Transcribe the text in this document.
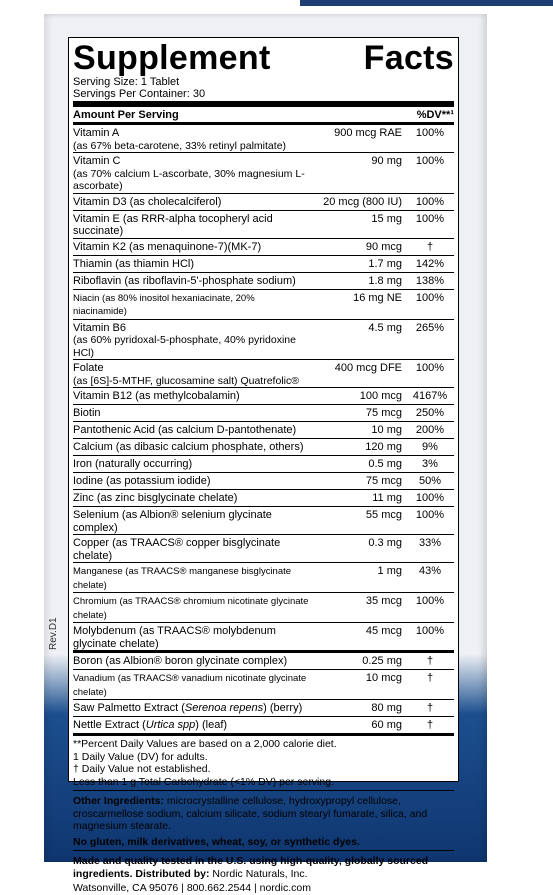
Rev.D1
Supplement	Facts
Serving Size: 1 Tablet
Servings Per Container: 30
Amount Per Serving	%DV**¹
Vitamin A
(as 67% beta-carotene, 33% retinyl palmitate)
900 mcg RAE	100%
Vitamin C
(as 70% calcium L-ascorbate, 30% magnesium L-ascorbate)
90 mg	100%
Vitamin D3 (as cholecalciferol)	20 mcg (800 IU)	100%
Vitamin E (as RRR-alpha tocopheryl acid succinate)
15 mg	100%
Vitamin K2 (as menaquinone-7)(MK-7)	90 mcg	†
Thiamin (as thiamin HCl)	1.7 mg	142%
Riboflavin (as riboflavin-5'-phosphate sodium)	1.8 mg	138%
Niacin (as 80% inositol hexaniacinate, 20% niacinamide)
16 mg NE	100%
Vitamin B6
(as 60% pyridoxal-5-phosphate, 40% pyridoxine HCl)
4.5 mg	265%
Folate
(as [6S]-5-MTHF, glucosamine salt) Quatrefolic®
400 mcg DFE	100%
Vitamin B12 (as methylcobalamin)	100 mcg 4167%
Biotin	75 mcg	250%
Pantothenic Acid (as calcium D-pantothenate)	10 mg	200%
Calcium (as dibasic calcium phosphate, others)	120 mg	9%
Iron (naturally occurring)	0.5 mg	3%
Iodine (as potassium iodide)	75 mcg	50%
Zinc (as zinc bisglycinate chelate)	11 mg	100%
Selenium (as Albion® selenium glycinate complex)
55 mcg	100%
Copper (as TRAACS® copper bisglycinate chelate)
0.3 mg	33%
Manganese (as TRAACS® manganese bisglycinate chelate)
1 mg	43%
Chromium (as TRAACS® chromium nicotinate glycinate chelate)
35 mcg	100%
Molybdenum (as TRAACS® molybdenum glycinate chelate)
45 mcg	100%
Boron (as Albion® boron glycinate complex)	0.25 mg	†
Vanadium (as TRAACS® vanadium nicotinate glycinate chelate)
10 mcg	†
Saw Palmetto Extract (Serenoa repens) (berry)	80 mg	†
Nettle Extract (Urtica spp) (leaf)	60 mg	†
**Percent Daily Values are based on a 2,000 calorie diet.
1 Daily Value (DV) for adults.
† Daily Value not established.
Less than 1 g Total Carbohydrate (<1% DV) per serving.
Other Ingredients: microcrystalline cellulose, hydroxypropyl cellulose, croscarmellose sodium, calcium silicate, sodium stearyl fumarate, silica, and magnesium stearate.
No gluten, milk derivatives, wheat, soy, or synthetic dyes.
Made and quality tested in the U.S. using high-quality, globally sourced ingredients. Distributed by: Nordic Naturals, Inc.
Watsonville, CA 95076 | 800.662.2544 | nordic.com
